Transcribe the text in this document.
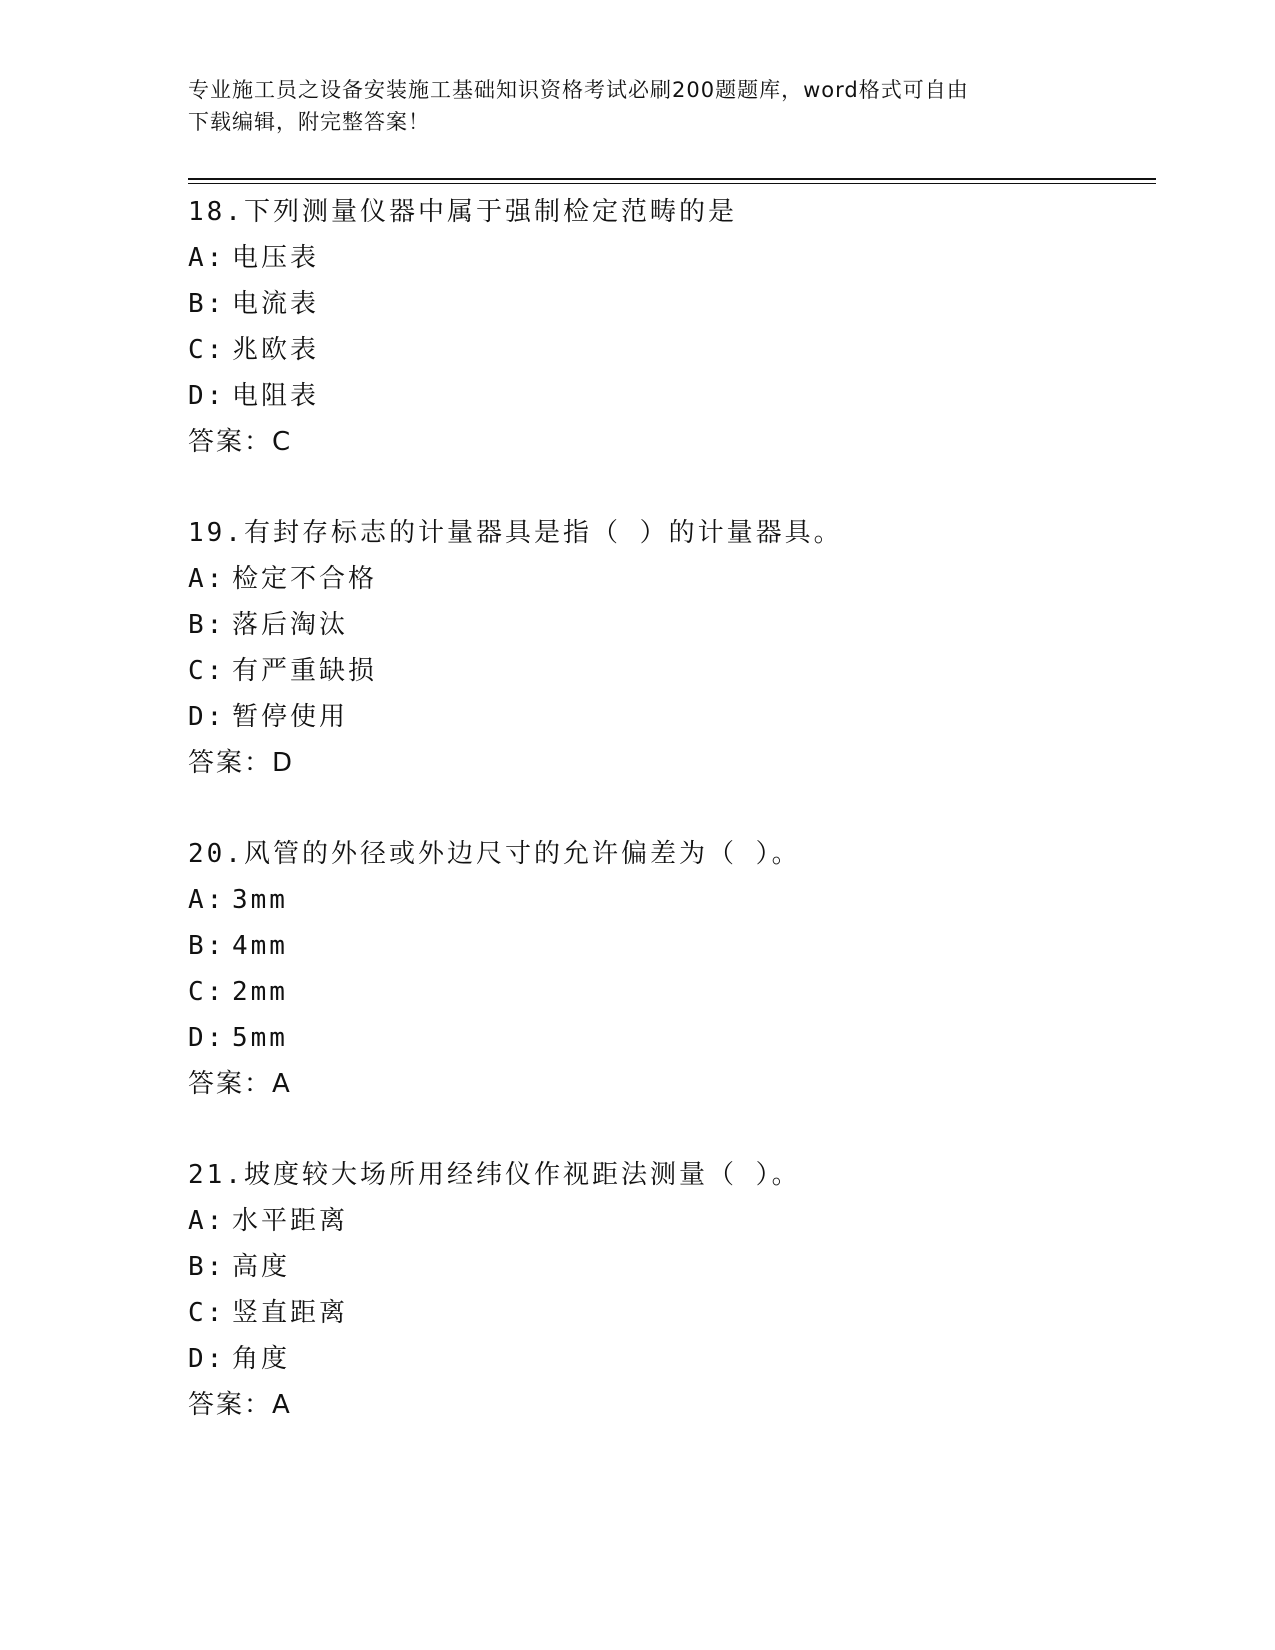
专业施工员之设备安装施工基础知识资格考试必刷200题题库，word格式可自由
下载编辑，附完整答案！
18.下列测量仪器中属于强制检定范畴的是
A: 电压表
B: 电流表
C: 兆欧表
D: 电阻表
答案：C
19.有封存标志的计量器具是指（ ）的计量器具。
A: 检定不合格
B: 落后淘汰
C: 有严重缺损
D: 暂停使用
答案：D
20.风管的外径或外边尺寸的允许偏差为（ ）。
A: 3mm
B: 4mm
C: 2mm
D: 5mm
答案：A
21.坡度较大场所用经纬仪作视距法测量（ ）。
A: 水平距离
B: 高度
C: 竖直距离
D: 角度
答案：A
